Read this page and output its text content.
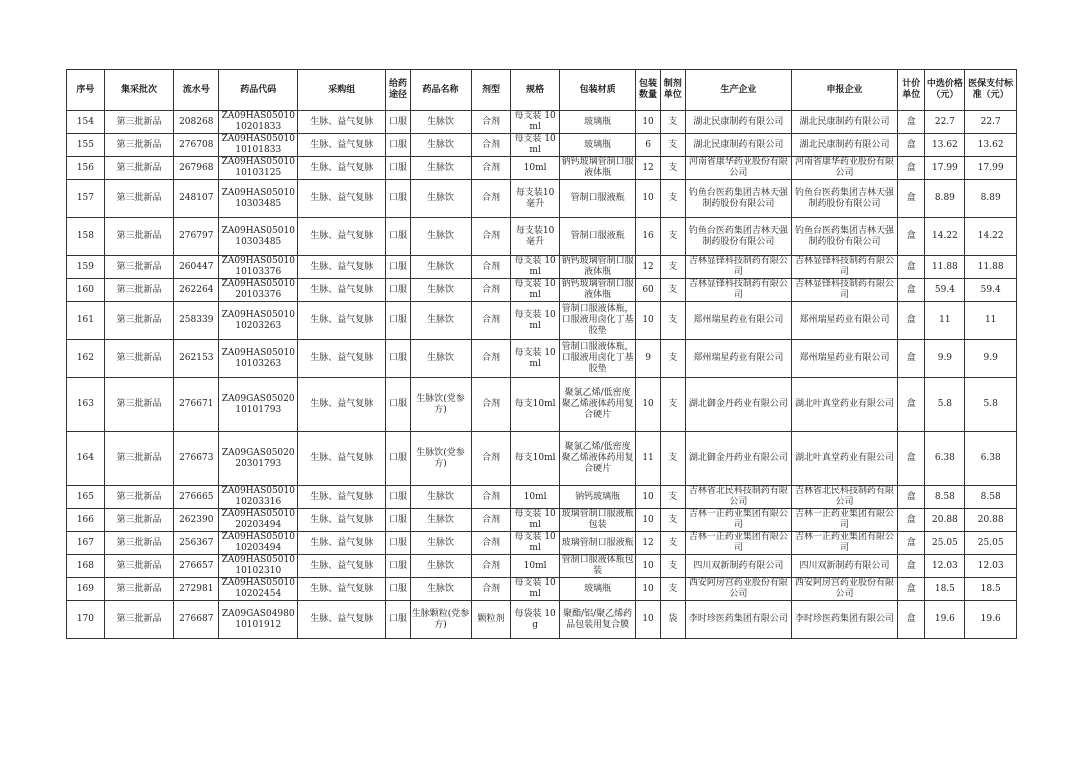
序号	集采批次	流水号	药品代码	采购组	给药途径	药品名称	剂型	规格	包装材质	包装数量	制剂单位	生产企业	申报企业	计价单位	中选价格（元）	医保支付标准（元）
154	第三批新品	208268	ZA09HAS05010 10201833	生脉、益气复脉	口服	生脉饮	合剂	每支装 10ml	玻璃瓶	10	支	湖北民康制药有限公司	湖北民康制药有限公司	盒	22.7	22.7
155	第三批新品	276708	ZA09HAS05010 10101833	生脉、益气复脉	口服	生脉饮	合剂	每支装 10ml	玻璃瓶	6	支	湖北民康制药有限公司	湖北民康制药有限公司	盒	13.62	13.62
156	第三批新品	267968	ZA09HAS05010 10103125	生脉、益气复脉	口服	生脉饮	合剂	10ml	钠钙玻璃管制口服液体瓶	12	支	河南省康华药业股份有限公司	河南省康华药业股份有限公司	盒	17.99	17.99
157	第三批新品	248107	ZA09HAS05010 10303485	生脉、益气复脉	口服	生脉饮	合剂	每支装10毫升	管制口服液瓶	10	支	钓鱼台医药集团吉林天强制药股份有限公司	钓鱼台医药集团吉林天强制药股份有限公司	盒	8.89	8.89
158	第三批新品	276797	ZA09HAS05010 10303485	生脉、益气复脉	口服	生脉饮	合剂	每支装10毫升	管制口服液瓶	16	支	钓鱼台医药集团吉林天强制药股份有限公司	钓鱼台医药集团吉林天强制药股份有限公司	盒	14.22	14.22
159	第三批新品	260447	ZA09HAS05010 10103376	生脉、益气复脉	口服	生脉饮	合剂	每支装 10ml	钠钙玻璃管制口服液体瓶	12	支	吉林显锋科技制药有限公司	吉林显锋科技制药有限公司	盒	11.88	11.88
160	第三批新品	262264	ZA09HAS05010 20103376	生脉、益气复脉	口服	生脉饮	合剂	每支装 10ml	钠钙玻璃管制口服液体瓶	60	支	吉林显锋科技制药有限公司	吉林显锋科技制药有限公司	盒	59.4	59.4
161	第三批新品	258339	ZA09HAS05010 10203263	生脉、益气复脉	口服	生脉饮	合剂	每支装 10ml	管制口服液体瓶，口服液用卤化丁基胶垫	10	支	郑州瑞星药业有限公司	郑州瑞星药业有限公司	盒	11	11
162	第三批新品	262153	ZA09HAS05010 10103263	生脉、益气复脉	口服	生脉饮	合剂	每支装 10ml	管制口服液体瓶，口服液用卤化丁基胶垫	9	支	郑州瑞星药业有限公司	郑州瑞星药业有限公司	盒	9.9	9.9
163	第三批新品	276671	ZA09GAS05020 10101793	生脉、益气复脉	口服	生脉饮(党参方)	合剂	每支10ml	聚氯乙烯/低密度聚乙烯液体药用复合硬片	10	支	湖北御金丹药业有限公司	湖北叶真堂药业有限公司	盒	5.8	5.8
164	第三批新品	276673	ZA09GAS05020 20301793	生脉、益气复脉	口服	生脉饮(党参方)	合剂	每支10ml	聚氯乙烯/低密度聚乙烯液体药用复合硬片	11	支	湖北御金丹药业有限公司	湖北叶真堂药业有限公司	盒	6.38	6.38
165	第三批新品	276665	ZA09HAS05010 10203316	生脉、益气复脉	口服	生脉饮	合剂	10ml	钠钙玻璃瓶	10	支	吉林省北民科技制药有限公司	吉林省北民科技制药有限公司	盒	8.58	8.58
166	第三批新品	262390	ZA09HAS05010 20203494	生脉、益气复脉	口服	生脉饮	合剂	每支装 10ml	玻璃管制口服液瓶包装	10	支	吉林一正药业集团有限公司	吉林一正药业集团有限公司	盒	20.88	20.88
167	第三批新品	256367	ZA09HAS05010 10203494	生脉、益气复脉	口服	生脉饮	合剂	每支装 10ml	玻璃管制口服液瓶	12	支	吉林一正药业集团有限公司	吉林一正药业集团有限公司	盒	25.05	25.05
168	第三批新品	276657	ZA09HAS05010 10102310	生脉、益气复脉	口服	生脉饮	合剂	10ml	管制口服液体瓶包装	10	支	四川双新制药有限公司	四川双新制药有限公司	盒	12.03	12.03
169	第三批新品	272981	ZA09HAS05010 10202454	生脉、益气复脉	口服	生脉饮	合剂	每支装 10ml	玻璃瓶	10	支	西安阿房宫药业股份有限公司	西安阿房宫药业股份有限公司	盒	18.5	18.5
170	第三批新品	276687	ZA09GAS04980 10101912	生脉、益气复脉	口服	生脉颗粒(党参方)	颗粒剂	每袋装 10g	聚酯/铝/聚乙烯药品包装用复合膜	10	袋	李时珍医药集团有限公司	李时珍医药集团有限公司	盒	19.6	19.6
